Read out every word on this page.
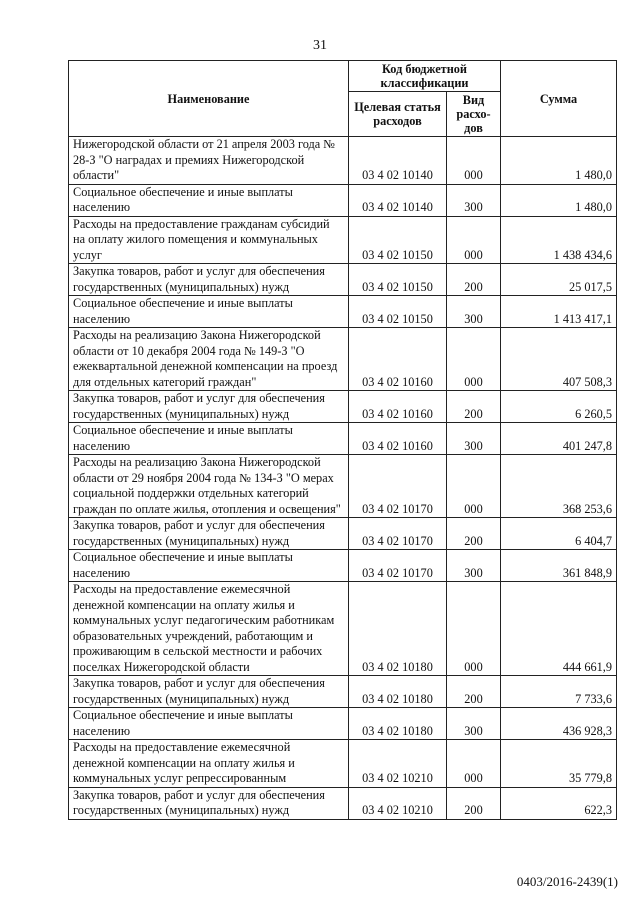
31
Наименование	Код бюджетной классификации		Сумма
	Целевая статья расходов	Вид расхо-дов	
Нижегородской области от 21 апреля 2003 года № 28-З "О наградах и премиях Нижегородской области"	03 4 02 10140	000	1 480,0
Социальное обеспечение и иные выплаты населению	03 4 02 10140	300	1 480,0
Расходы на предоставление гражданам субсидий на оплату жилого помещения и коммунальных услуг	03 4 02 10150	000	1 438 434,6
Закупка товаров, работ и услуг для обеспечения государственных (муниципальных) нужд	03 4 02 10150	200	25 017,5
Социальное обеспечение и иные выплаты населению	03 4 02 10150	300	1 413 417,1
Расходы на реализацию Закона Нижегородской области от 10 декабря 2004 года № 149-З "О ежеквартальной денежной компенсации на проезд для отдельных категорий граждан"	03 4 02 10160	000	407 508,3
Закупка товаров, работ и услуг для обеспечения государственных (муниципальных) нужд	03 4 02 10160	200	6 260,5
Социальное обеспечение и иные выплаты населению	03 4 02 10160	300	401 247,8
Расходы на реализацию Закона Нижегородской области от 29 ноября 2004 года № 134-З "О мерах социальной поддержки отдельных категорий граждан по оплате жилья, отопления и освещения"	03 4 02 10170	000	368 253,6
Закупка товаров, работ и услуг для обеспечения государственных (муниципальных) нужд	03 4 02 10170	200	6 404,7
Социальное обеспечение и иные выплаты населению	03 4 02 10170	300	361 848,9
Расходы на предоставление ежемесячной денежной компенсации на оплату жилья и коммунальных услуг педагогическим работникам образовательных учреждений, работающим и проживающим в сельской местности и рабочих поселках Нижегородской области	03 4 02 10180	000	444 661,9
Закупка товаров, работ и услуг для обеспечения государственных (муниципальных) нужд	03 4 02 10180	200	7 733,6
Социальное обеспечение и иные выплаты населению	03 4 02 10180	300	436 928,3
Расходы на предоставление ежемесячной денежной компенсации на оплату жилья и коммунальных услуг репрессированным	03 4 02 10210	000	35 779,8
Закупка товаров, работ и услуг для обеспечения государственных (муниципальных) нужд	03 4 02 10210	200	622,3
0403/2016-2439(1)
